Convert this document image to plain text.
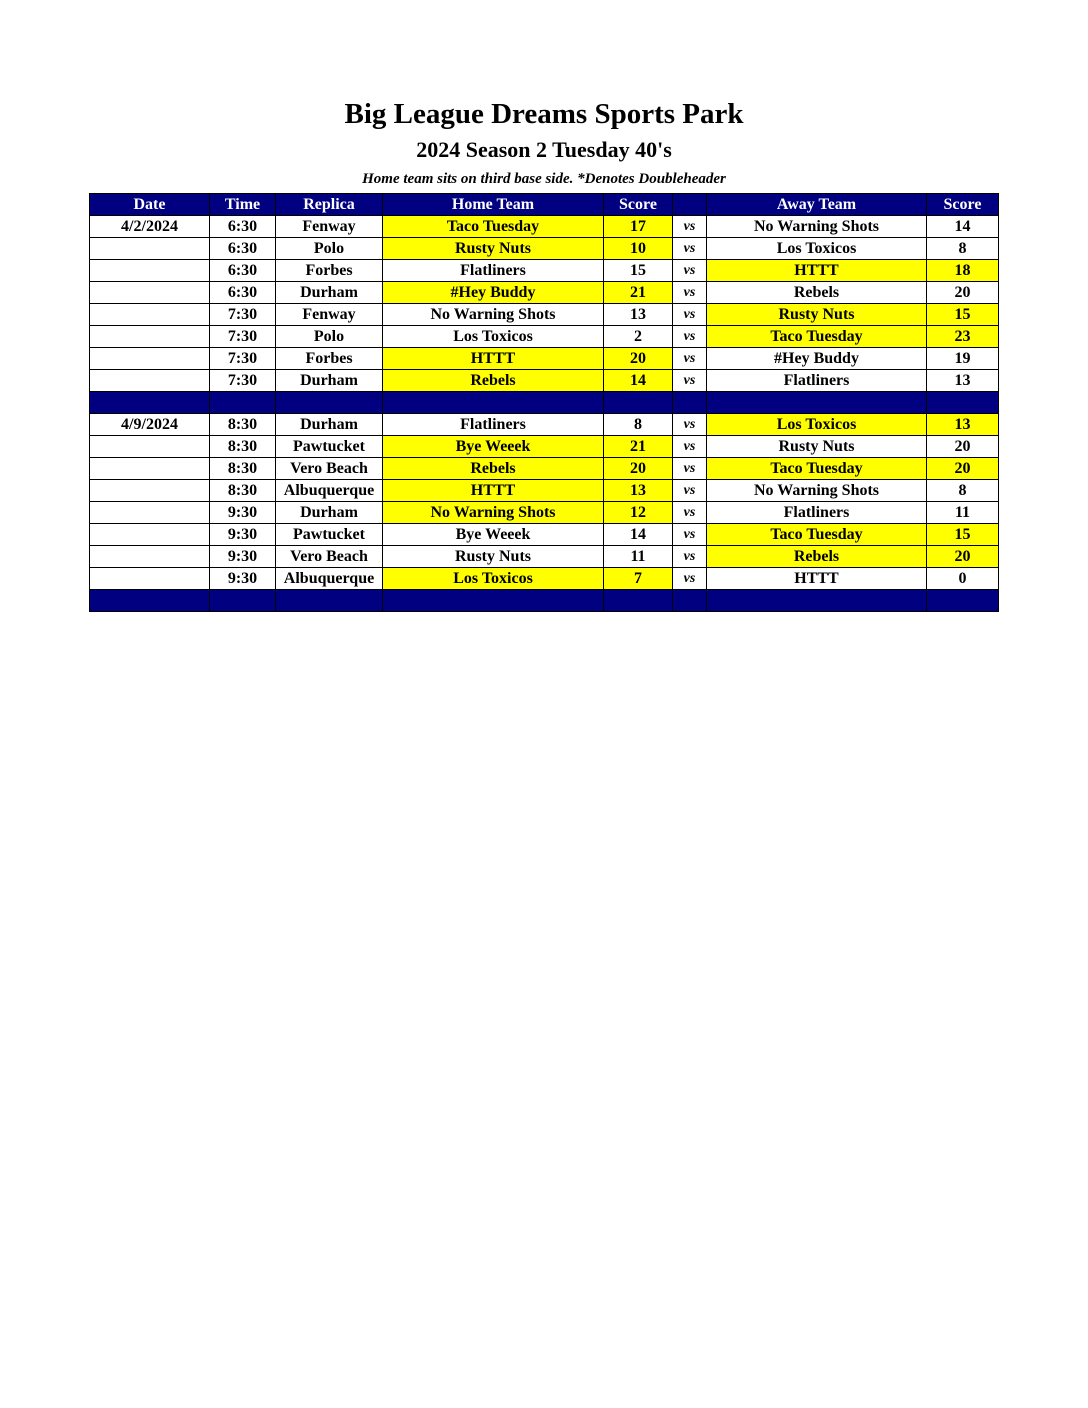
Big League Dreams Sports Park
2024 Season 2 Tuesday 40's
Home team sits on third base side. *Denotes Doubleheader
Date	Time	Replica	Home Team	Score		Away Team	Score
4/2/2024	6:30	Fenway	Taco Tuesday	17	vs	No Warning Shots	14
	6:30	Polo	Rusty Nuts	10	vs	Los Toxicos	8
	6:30	Forbes	Flatliners	15	vs	HTTT	18
	6:30	Durham	#Hey Buddy	21	vs	Rebels	20
	7:30	Fenway	No Warning Shots	13	vs	Rusty Nuts	15
	7:30	Polo	Los Toxicos	2	vs	Taco Tuesday	23
	7:30	Forbes	HTTT	20	vs	#Hey Buddy	19
	7:30	Durham	Rebels	14	vs	Flatliners	13

4/9/2024	8:30	Durham	Flatliners	8	vs	Los Toxicos	13
	8:30	Pawtucket	Bye Weeek	21	vs	Rusty Nuts	20
	8:30	Vero Beach	Rebels	20	vs	Taco Tuesday	20
	8:30	Albuquerque	HTTT	13	vs	No Warning Shots	8
	9:30	Durham	No Warning Shots	12	vs	Flatliners	11
	9:30	Pawtucket	Bye Weeek	14	vs	Taco Tuesday	15
	9:30	Vero Beach	Rusty Nuts	11	vs	Rebels	20
	9:30	Albuquerque	Los Toxicos	7	vs	HTTT	0
